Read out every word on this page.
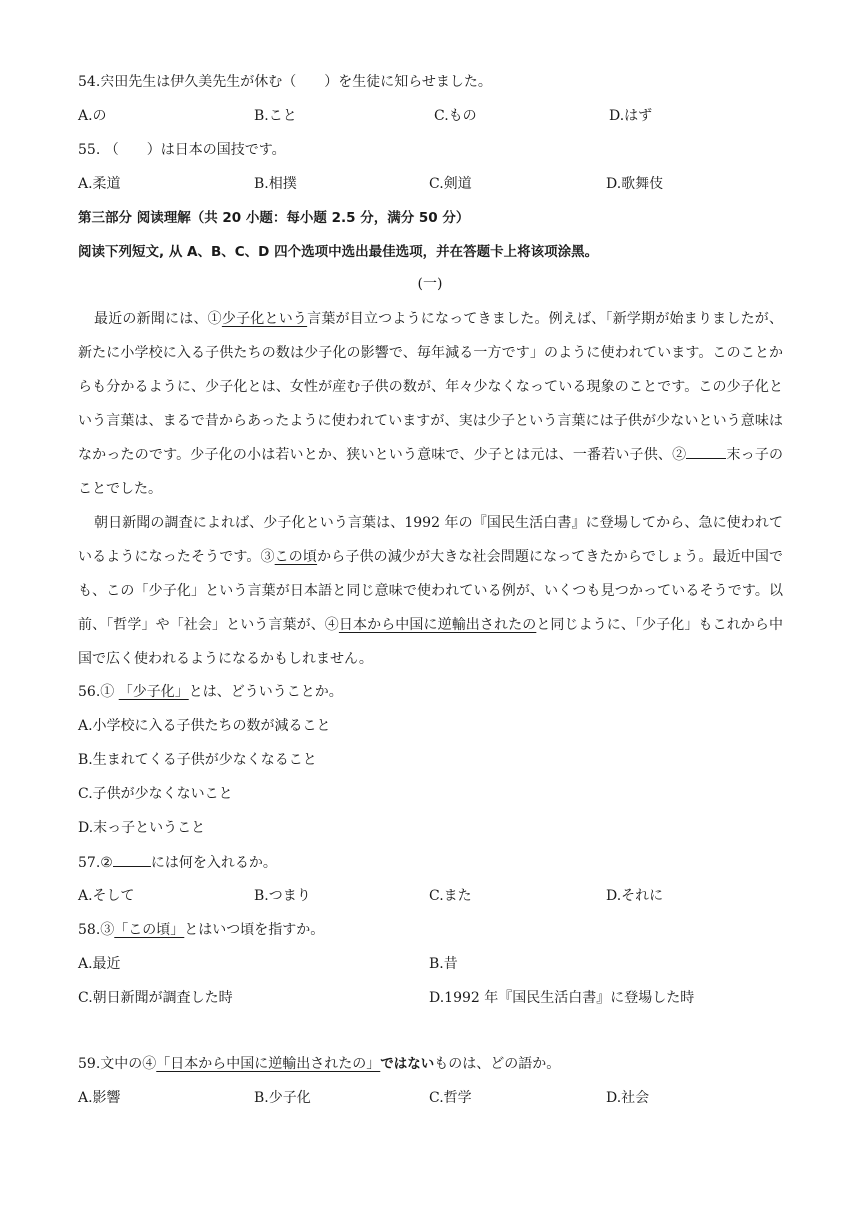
54.宍田先生は伊久美先生が休む（　　）を生徒に知らせました。
A.の	B.こと	C.もの	D.はず
55. （　　）は日本の国技です。
A.柔道	B.相撲	C.剣道	D.歌舞伎
第三部分 阅读理解（共 20 小题：每小题 2.5 分，满分 50 分）
阅读下列短文, 从 A、B、C、D 四个选项中选出最佳选项，并在答题卡上将该项涂黑。
(一)
最近の新聞には、①少子化という言葉が目立つようになってきました。例えば、「新学期が始まりましたが、新たに小学校に入る子供たちの数は少子化の影響で、毎年減る一方です」のように使われています。このことからも分かるように、少子化とは、女性が産む子供の数が、年々少なくなっている現象のことです。この少子化という言葉は、まるで昔からあったように使われていますが、実は少子という言葉には子供が少ないという意味はなかったのです。少子化の小は若いとか、狭いという意味で、少子とは元は、一番若い子供、②	末っ子のことでした。
朝日新聞の調査によれば、少子化という言葉は、1992 年の『国民生活白書』に登場してから、急に使われているようになったそうです。③この頃から子供の減少が大きな社会問題になってきたからでしょう。最近中国でも、この「少子化」という言葉が日本語と同じ意味で使われている例が、いくつも見つかっているそうです。以前、「哲学」や「社会」という言葉が、④日本から中国に逆輸出されたのと同じように、「少子化」もこれから中国で広く使われるようになるかもしれません。
56.① 「少子化」とは、どういうことか。
A.小学校に入る子供たちの数が減ること
B.生まれてくる子供が少なくなること
C.子供が少なくないこと
D.末っ子ということ
57.②	には何を入れるか。
A.そして	B.つまり	C.また	D.それに
58.③「この頃」とはいつ頃を指すか。
A.最近	B.昔
C.朝日新聞が調査した時	D.1992 年『国民生活白書』に登場した時
59.文中の④「日本から中国に逆輸出されたの」ではないものは、どの語か。
A.影響	B.少子化	C.哲学	D.社会
